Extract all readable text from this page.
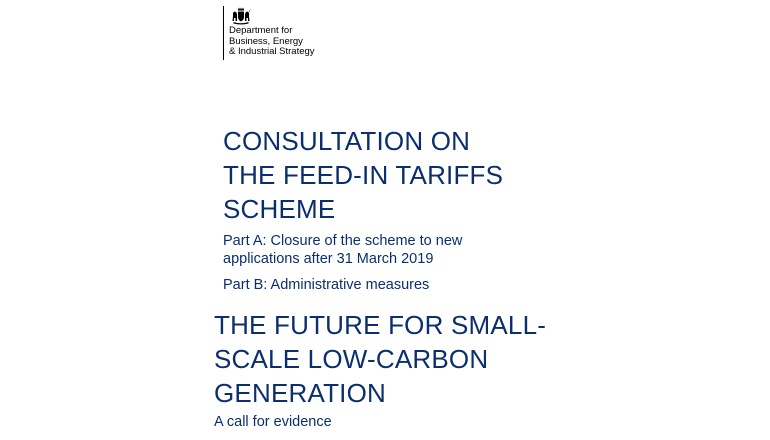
Department for
Business, Energy
& Industrial Strategy
CONSULTATION ON
THE FEED-IN TARIFFS
SCHEME
Part A: Closure of the scheme to new
applications after 31 March 2019
Part B: Administrative measures
THE FUTURE FOR SMALL-
SCALE LOW-CARBON
GENERATION
A call for evidence
